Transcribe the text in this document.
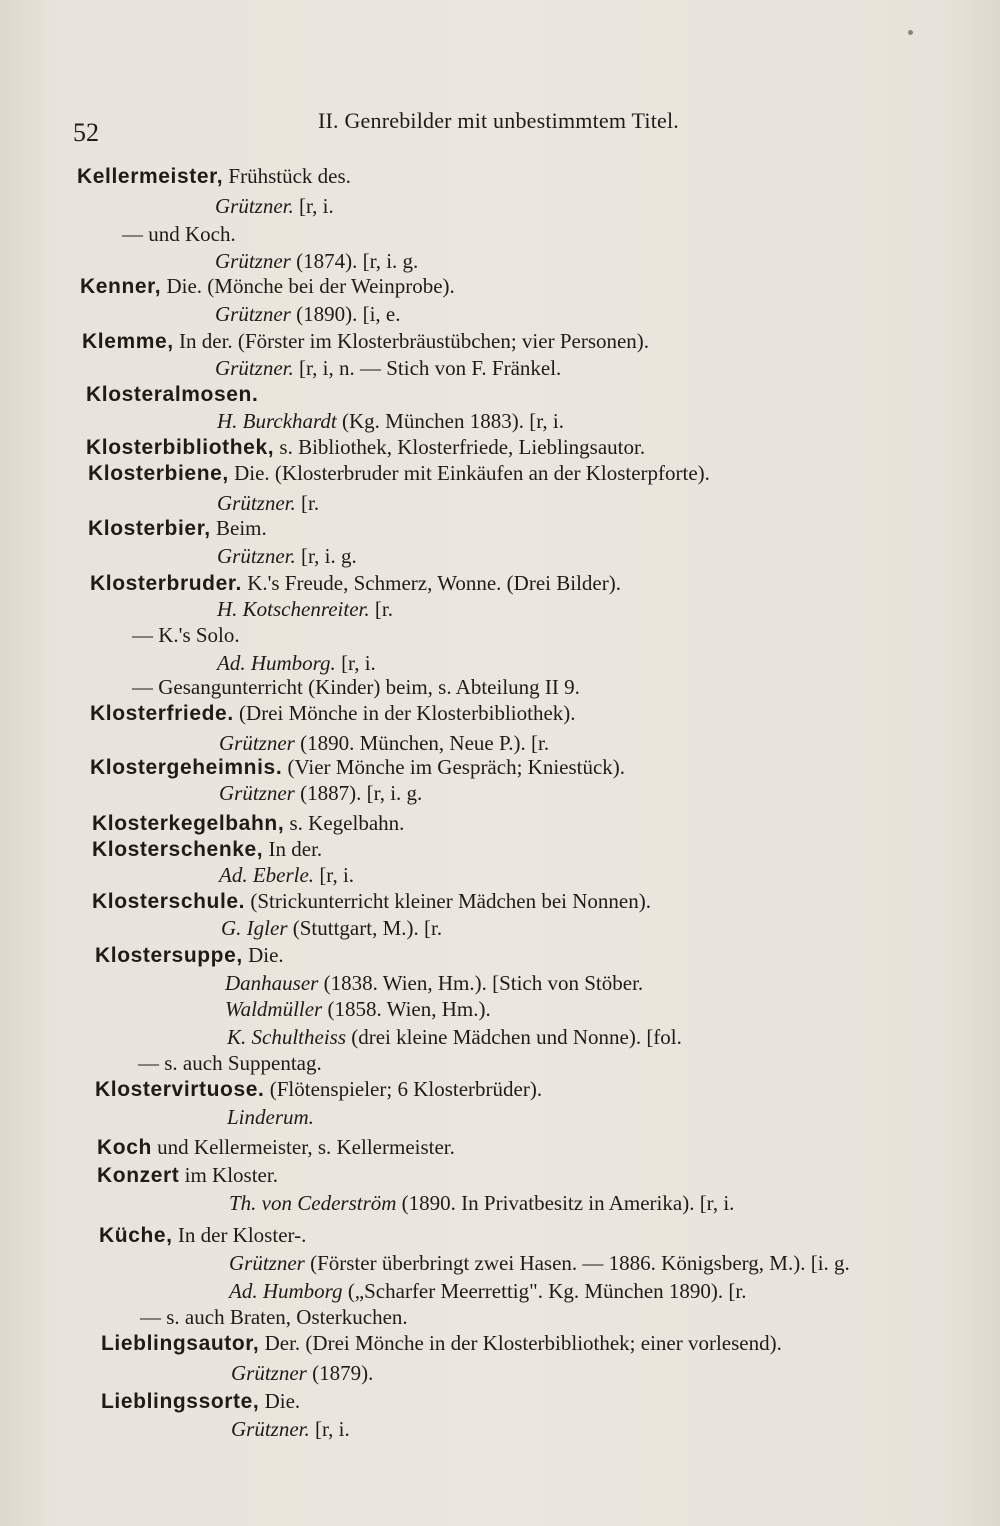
52	II. Genrebilder mit unbestimmtem Titel.
Kellermeister, Frühstück des.
Grützner. [r, i.
— und Koch.
Grützner (1874). [r, i. g.
Kenner, Die. (Mönche bei der Weinprobe).
Grützner (1890). [i, e.
Klemme, In der. (Förster im Klosterbräustübchen; vier Personen).
Grützner. [r, i, n. — Stich von F. Fränkel.
Klosteralmosen.
H. Burckhardt (Kg. München 1883). [r, i.
Klosterbibliothek, s. Bibliothek, Klosterfriede, Lieblingsautor.
Klosterbiene, Die. (Klosterbruder mit Einkäufen an der Klosterpforte).
Grützner. [r.
Klosterbier, Beim.
Grützner. [r, i. g.
Klosterbruder. K.'s Freude, Schmerz, Wonne. (Drei Bilder).
H. Kotschenreiter. [r.
— K.'s Solo.
Ad. Humborg. [r, i.
— Gesangunterricht (Kinder) beim, s. Abteilung II 9.
Klosterfriede. (Drei Mönche in der Klosterbibliothek).
Grützner (1890. München, Neue P.). [r.
Klostergeheimnis. (Vier Mönche im Gespräch; Kniestück).
Grützner (1887). [r, i. g.
Klosterkegelbahn, s. Kegelbahn.
Klosterschenke, In der.
Ad. Eberle. [r, i.
Klosterschule. (Strickunterricht kleiner Mädchen bei Nonnen).
G. Igler (Stuttgart, M.). [r.
Klostersuppe, Die.
Danhauser (1838. Wien, Hm.). [Stich von Stöber.
Waldmüller (1858. Wien, Hm.).
K. Schultheiss (drei kleine Mädchen und Nonne). [fol.
— s. auch Suppentag.
Klostervirtuose. (Flötenspieler; 6 Klosterbrüder).
Linderum.
Koch und Kellermeister, s. Kellermeister.
Konzert im Kloster.
Th. von Cederström (1890. In Privatbesitz in Amerika). [r, i.
Küche, In der Kloster-.
Grützner (Förster überbringt zwei Hasen. — 1886. Königsberg, M.). [i. g.
Ad. Humborg („Scharfer Meerrettig". Kg. München 1890). [r.
— s. auch Braten, Osterkuchen.
Lieblingsautor, Der. (Drei Mönche in der Klosterbibliothek; einer vorlesend).
Grützner (1879).
Lieblingssorte, Die.
Grützner. [r, i.
